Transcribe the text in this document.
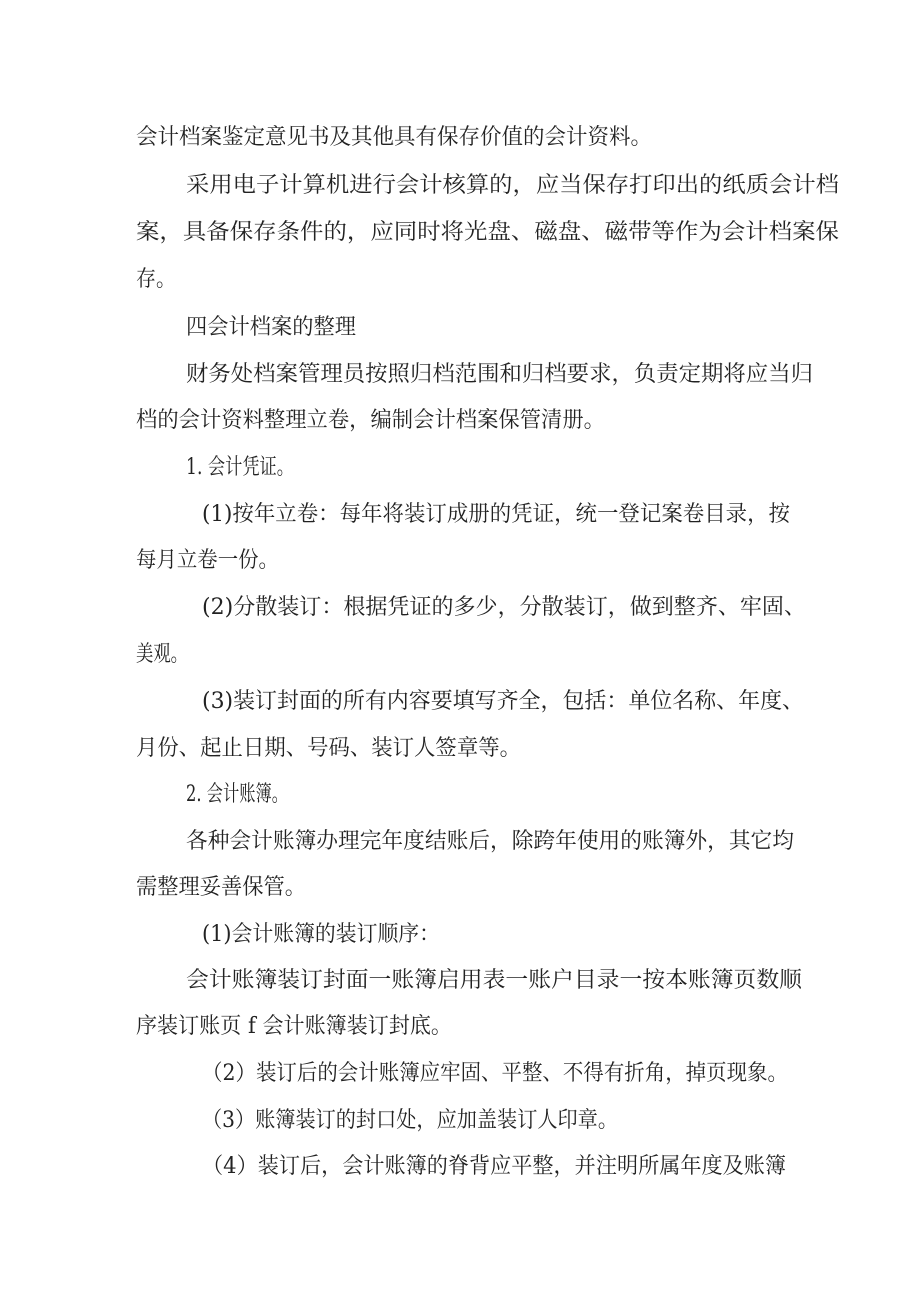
会计档案鉴定意见书及其他具有保存价值的会计资料。
采用电子计算机进行会计核算的，应当保存打印出的纸质会计档
案，具备保存条件的，应同时将光盘、磁盘、磁带等作为会计档案保
存。
四会计档案的整理
财务处档案管理员按照归档范围和归档要求，负责定期将应当归
档的会计资料整理立卷，编制会计档案保管清册。
1. 会计凭证。
(1)按年立卷：每年将装订成册的凭证，统一登记案卷目录，按
每月立卷一份。
(2)分散装订：根据凭证的多少，分散装订，做到整齐、牢固、
美观。
(3)装订封面的所有内容要填写齐全，包括：单位名称、年度、
月份、起止日期、号码、装订人签章等。
2. 会计账簿。
各种会计账簿办理完年度结账后，除跨年使用的账簿外，其它均
需整理妥善保管。
(1)会计账簿的装订顺序：
会计账簿装订封面一账簿启用表一账户目录一按本账簿页数顺
序装订账页 f 会计账簿装订封底。
（2）装订后的会计账簿应牢固、平整、不得有折角，掉页现象。
（3）账簿装订的封口处，应加盖装订人印章。
（4）装订后，会计账簿的脊背应平整，并注明所属年度及账簿
